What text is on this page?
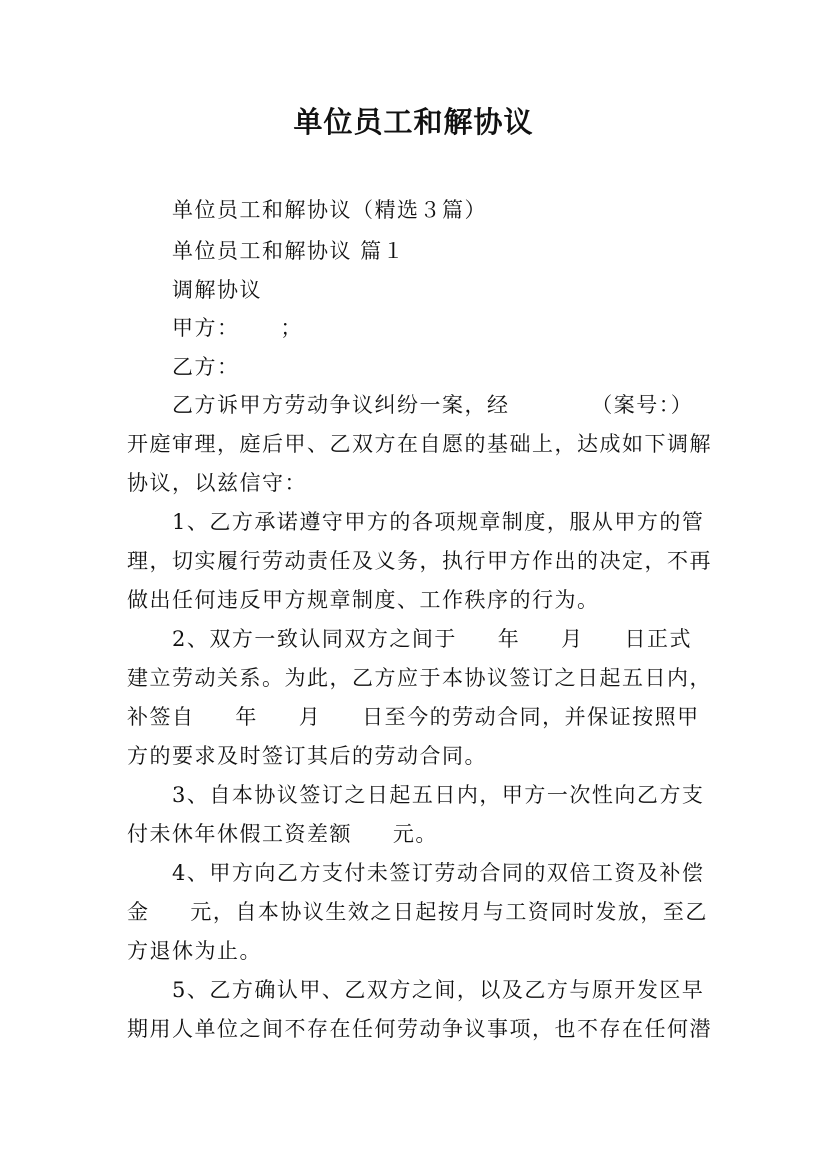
单位员工和解协议

单位员工和解协议（精选３篇）

单位员工和解协议 篇１

调解协议

甲方：     ；

乙方：

乙方诉甲方劳动争议纠纷一案，经          （案号：）

开庭审理，庭后甲、乙双方在自愿的基础上，达成如下调解

协议，以兹信守：

1、乙方承诺遵守甲方的各项规章制度，服从甲方的管

理，切实履行劳动责任及义务，执行甲方作出的决定，不再

做出任何违反甲方规章制度、工作秩序的行为。

2、双方一致认同双方之间于     年     月     日正式

建立劳动关系。为此，乙方应于本协议签订之日起五日内，

补签自     年     月     日至今的劳动合同，并保证按照甲

方的要求及时签订其后的劳动合同。

3、自本协议签订之日起五日内，甲方一次性向乙方支

付未休年休假工资差额     元。

4、甲方向乙方支付未签订劳动合同的双倍工资及补偿

金     元，自本协议生效之日起按月与工资同时发放，至乙

方退休为止。

5、乙方确认甲、乙双方之间，以及乙方与原开发区早

期用人单位之间不存在任何劳动争议事项，也不存在任何潜
